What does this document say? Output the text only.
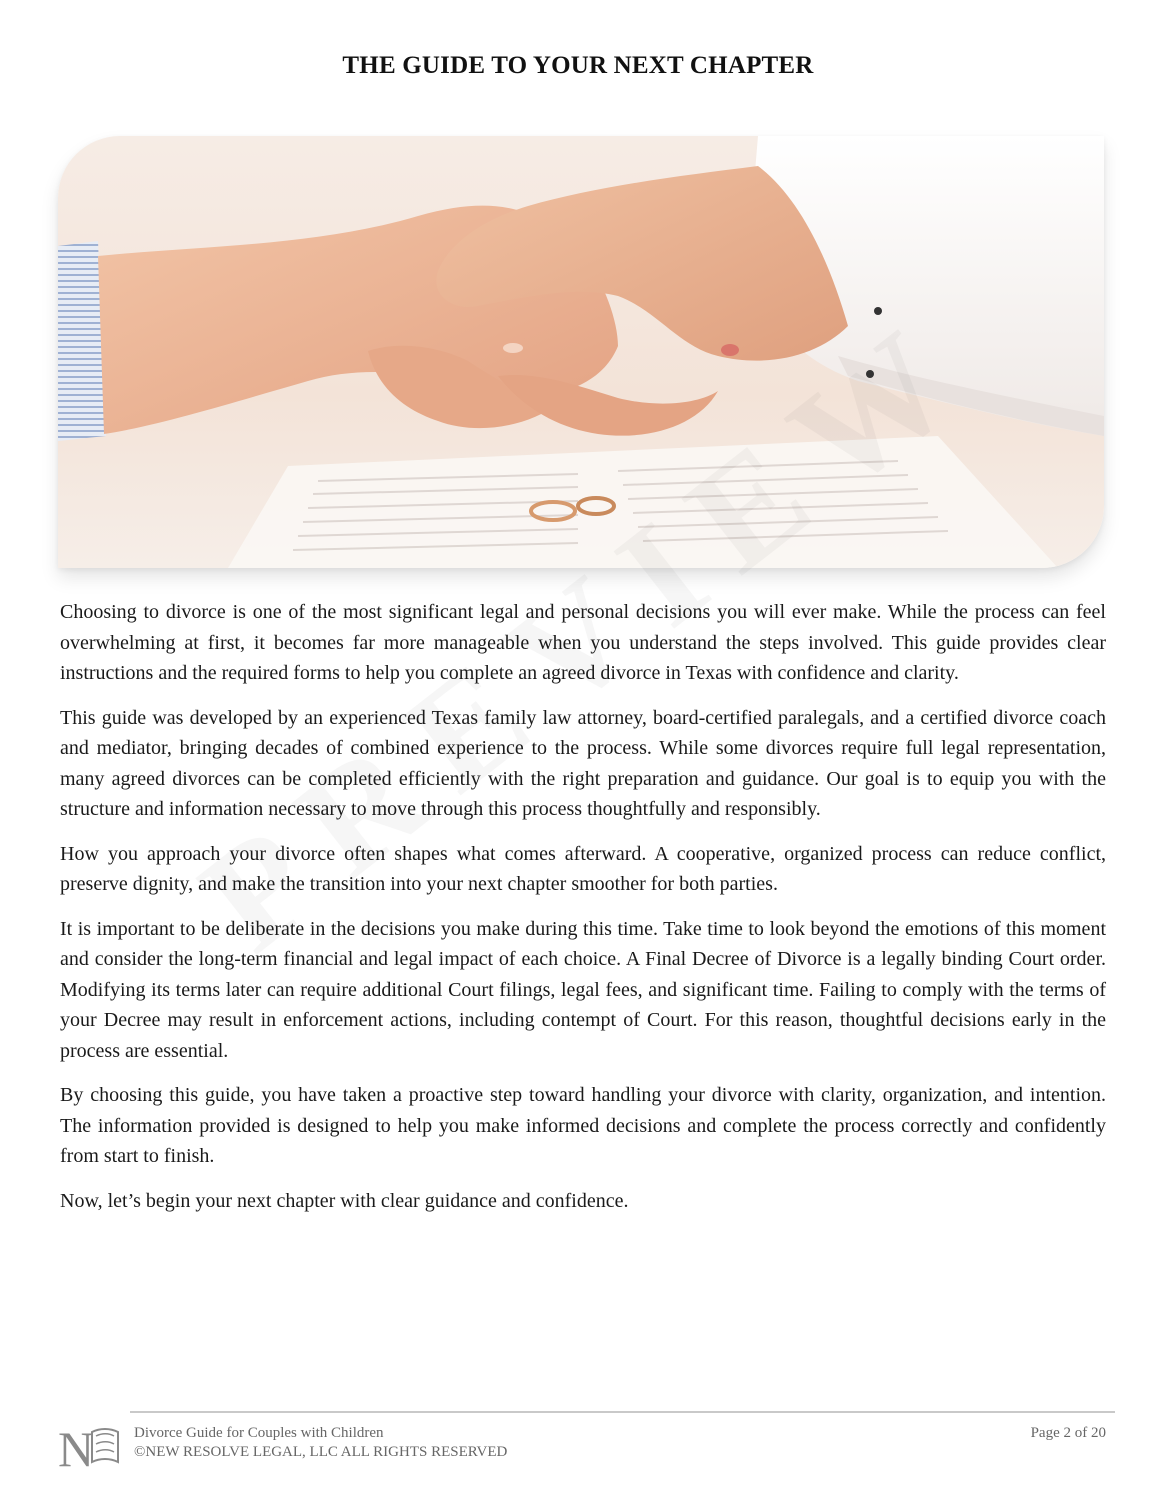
THE GUIDE TO YOUR NEXT CHAPTER

Choosing to divorce is one of the most significant legal and personal decisions you will ever make. While the process can feel overwhelming at first, it becomes far more manageable when you understand the steps involved. This guide provides clear instructions and the required forms to help you complete an agreed divorce in Texas with confidence and clarity.

This guide was developed by an experienced Texas family law attorney, board-certified paralegals, and a certified divorce coach and mediator, bringing decades of combined experience to the process. While some divorces require full legal representation, many agreed divorces can be completed efficiently with the right preparation and guidance. Our goal is to equip you with the structure and information necessary to move through this process thoughtfully and responsibly.

How you approach your divorce often shapes what comes afterward. A cooperative, organized process can reduce conflict, preserve dignity, and make the transition into your next chapter smoother for both parties.

It is important to be deliberate in the decisions you make during this time. Take time to look beyond the emotions of this moment and consider the long-term financial and legal impact of each choice. A Final Decree of Divorce is a legally binding Court order. Modifying its terms later can require additional Court filings, legal fees, and significant time. Failing to comply with the terms of your Decree may result in enforcement actions, including contempt of Court. For this reason, thoughtful decisions early in the process are essential.

By choosing this guide, you have taken a proactive step toward handling your divorce with clarity, organization, and intention. The information provided is designed to help you make informed decisions and complete the process correctly and confidently from start to finish.

Now, let’s begin your next chapter with clear guidance and confidence.

N	Divorce Guide for Couples with Children
©NEW RESOLVE LEGAL, LLC ALL RIGHTS RESERVED
Page 2 of 20
